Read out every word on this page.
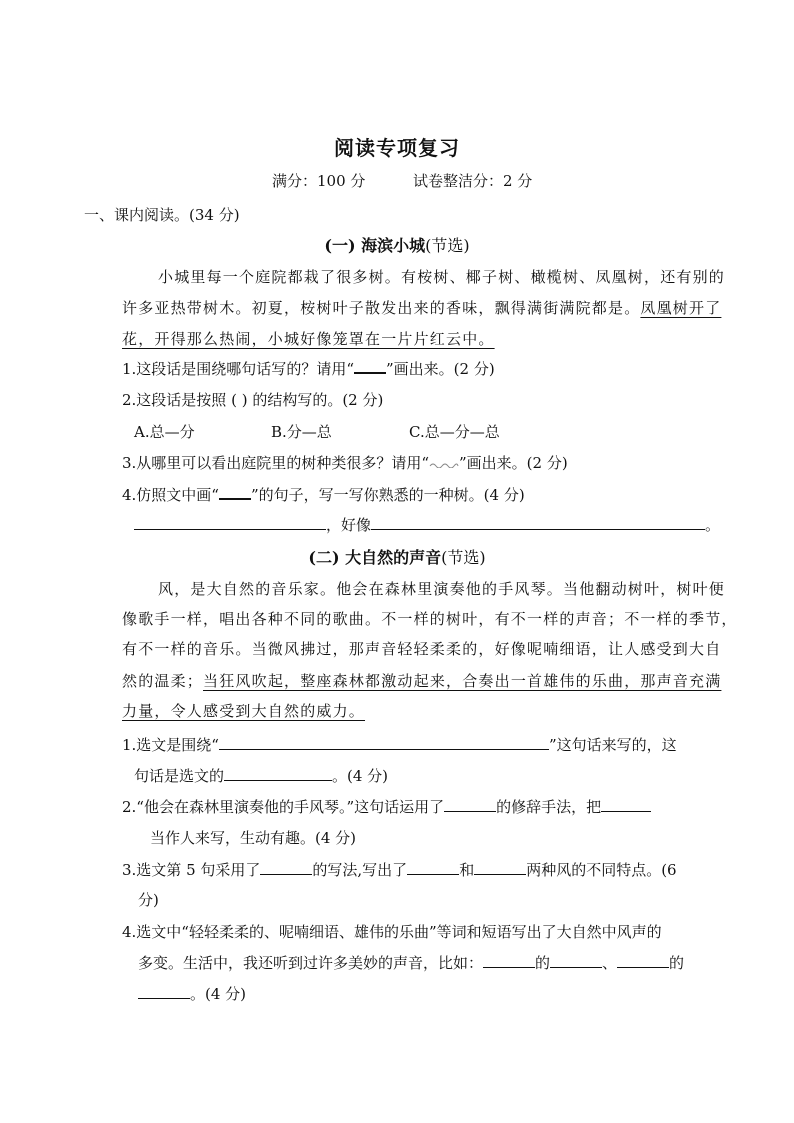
阅读专项复习
满分：100 分	试卷整洁分：2 分
一、课内阅读。(34 分)
(一) 海滨小城(节选)
小城里每一个庭院都栽了很多树。有桉树、椰子树、橄榄树、凤凰树，还有别的
许多亚热带树木。初夏，桉树叶子散发出来的香味，飘得满街满院都是。凤凰树开了
花，开得那么热闹，小城好像笼罩在一片片红云中。
1.这段话是围绕哪句话写的？请用“ ”画出来。(2 分)
2.这段话是按照 ( ) 的结构写的。(2 分)
A.总—分	B.分—总	C.总—分—总
3.从哪里可以看出庭院里的树种类很多？请用“ ”画出来。(2 分)
4.仿照文中画“ ”的句子，写一写你熟悉的一种树。(4 分)
，好像	。
(二) 大自然的声音(节选)
风，是大自然的音乐家。他会在森林里演奏他的手风琴。当他翻动树叶，树叶便
像歌手一样，唱出各种不同的歌曲。不一样的树叶，有不一样的声音；不一样的季节，
有不一样的音乐。当微风拂过，那声音轻轻柔柔的，好像呢喃细语，让人感受到大自
然的温柔；当狂风吹起，整座森林都激动起来，合奏出一首雄伟的乐曲，那声音充满
力量，令人感受到大自然的威力。
1.选文是围绕“	”这句话来写的，这
句话是选文的	。(4 分)
2.“他会在森林里演奏他的手风琴。”这句话运用了	的修辞手法，把
当作人来写，生动有趣。(4 分)
3.选文第 5 句采用了	的写法,写出了	和	两种风的不同特点。(6
分)
4.选文中“轻轻柔柔的、呢喃细语、雄伟的乐曲”等词和短语写出了大自然中风声的
多变。生活中，我还听到过许多美妙的声音，比如：	的	、	的
。(4 分)
